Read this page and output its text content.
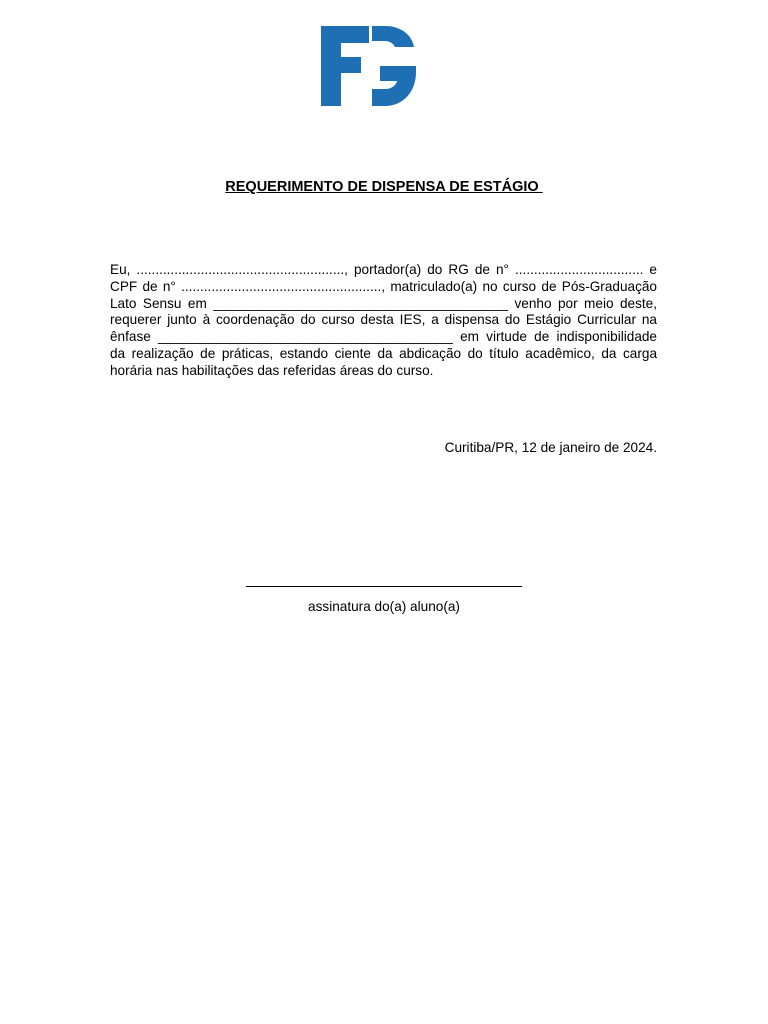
REQUERIMENTO DE DISPENSA DE ESTÁGIO
Eu, ......................................................., portador(a) do RG de n° .................................. e CPF de n° ....................................................., matriculado(a) no curso de Pós-Graduação Lato Sensu em _______________________________________ venho por meio deste, requerer junto à coordenação do curso desta IES, a dispensa do Estágio Curricular na ênfase _______________________________________ em virtude de indisponibilidade da realização de práticas, estando ciente da abdicação do título acadêmico, da carga horária nas habilitações das referidas áreas do curso.
Curitiba/PR, 12 de janeiro de 2024.
assinatura do(a) aluno(a)
